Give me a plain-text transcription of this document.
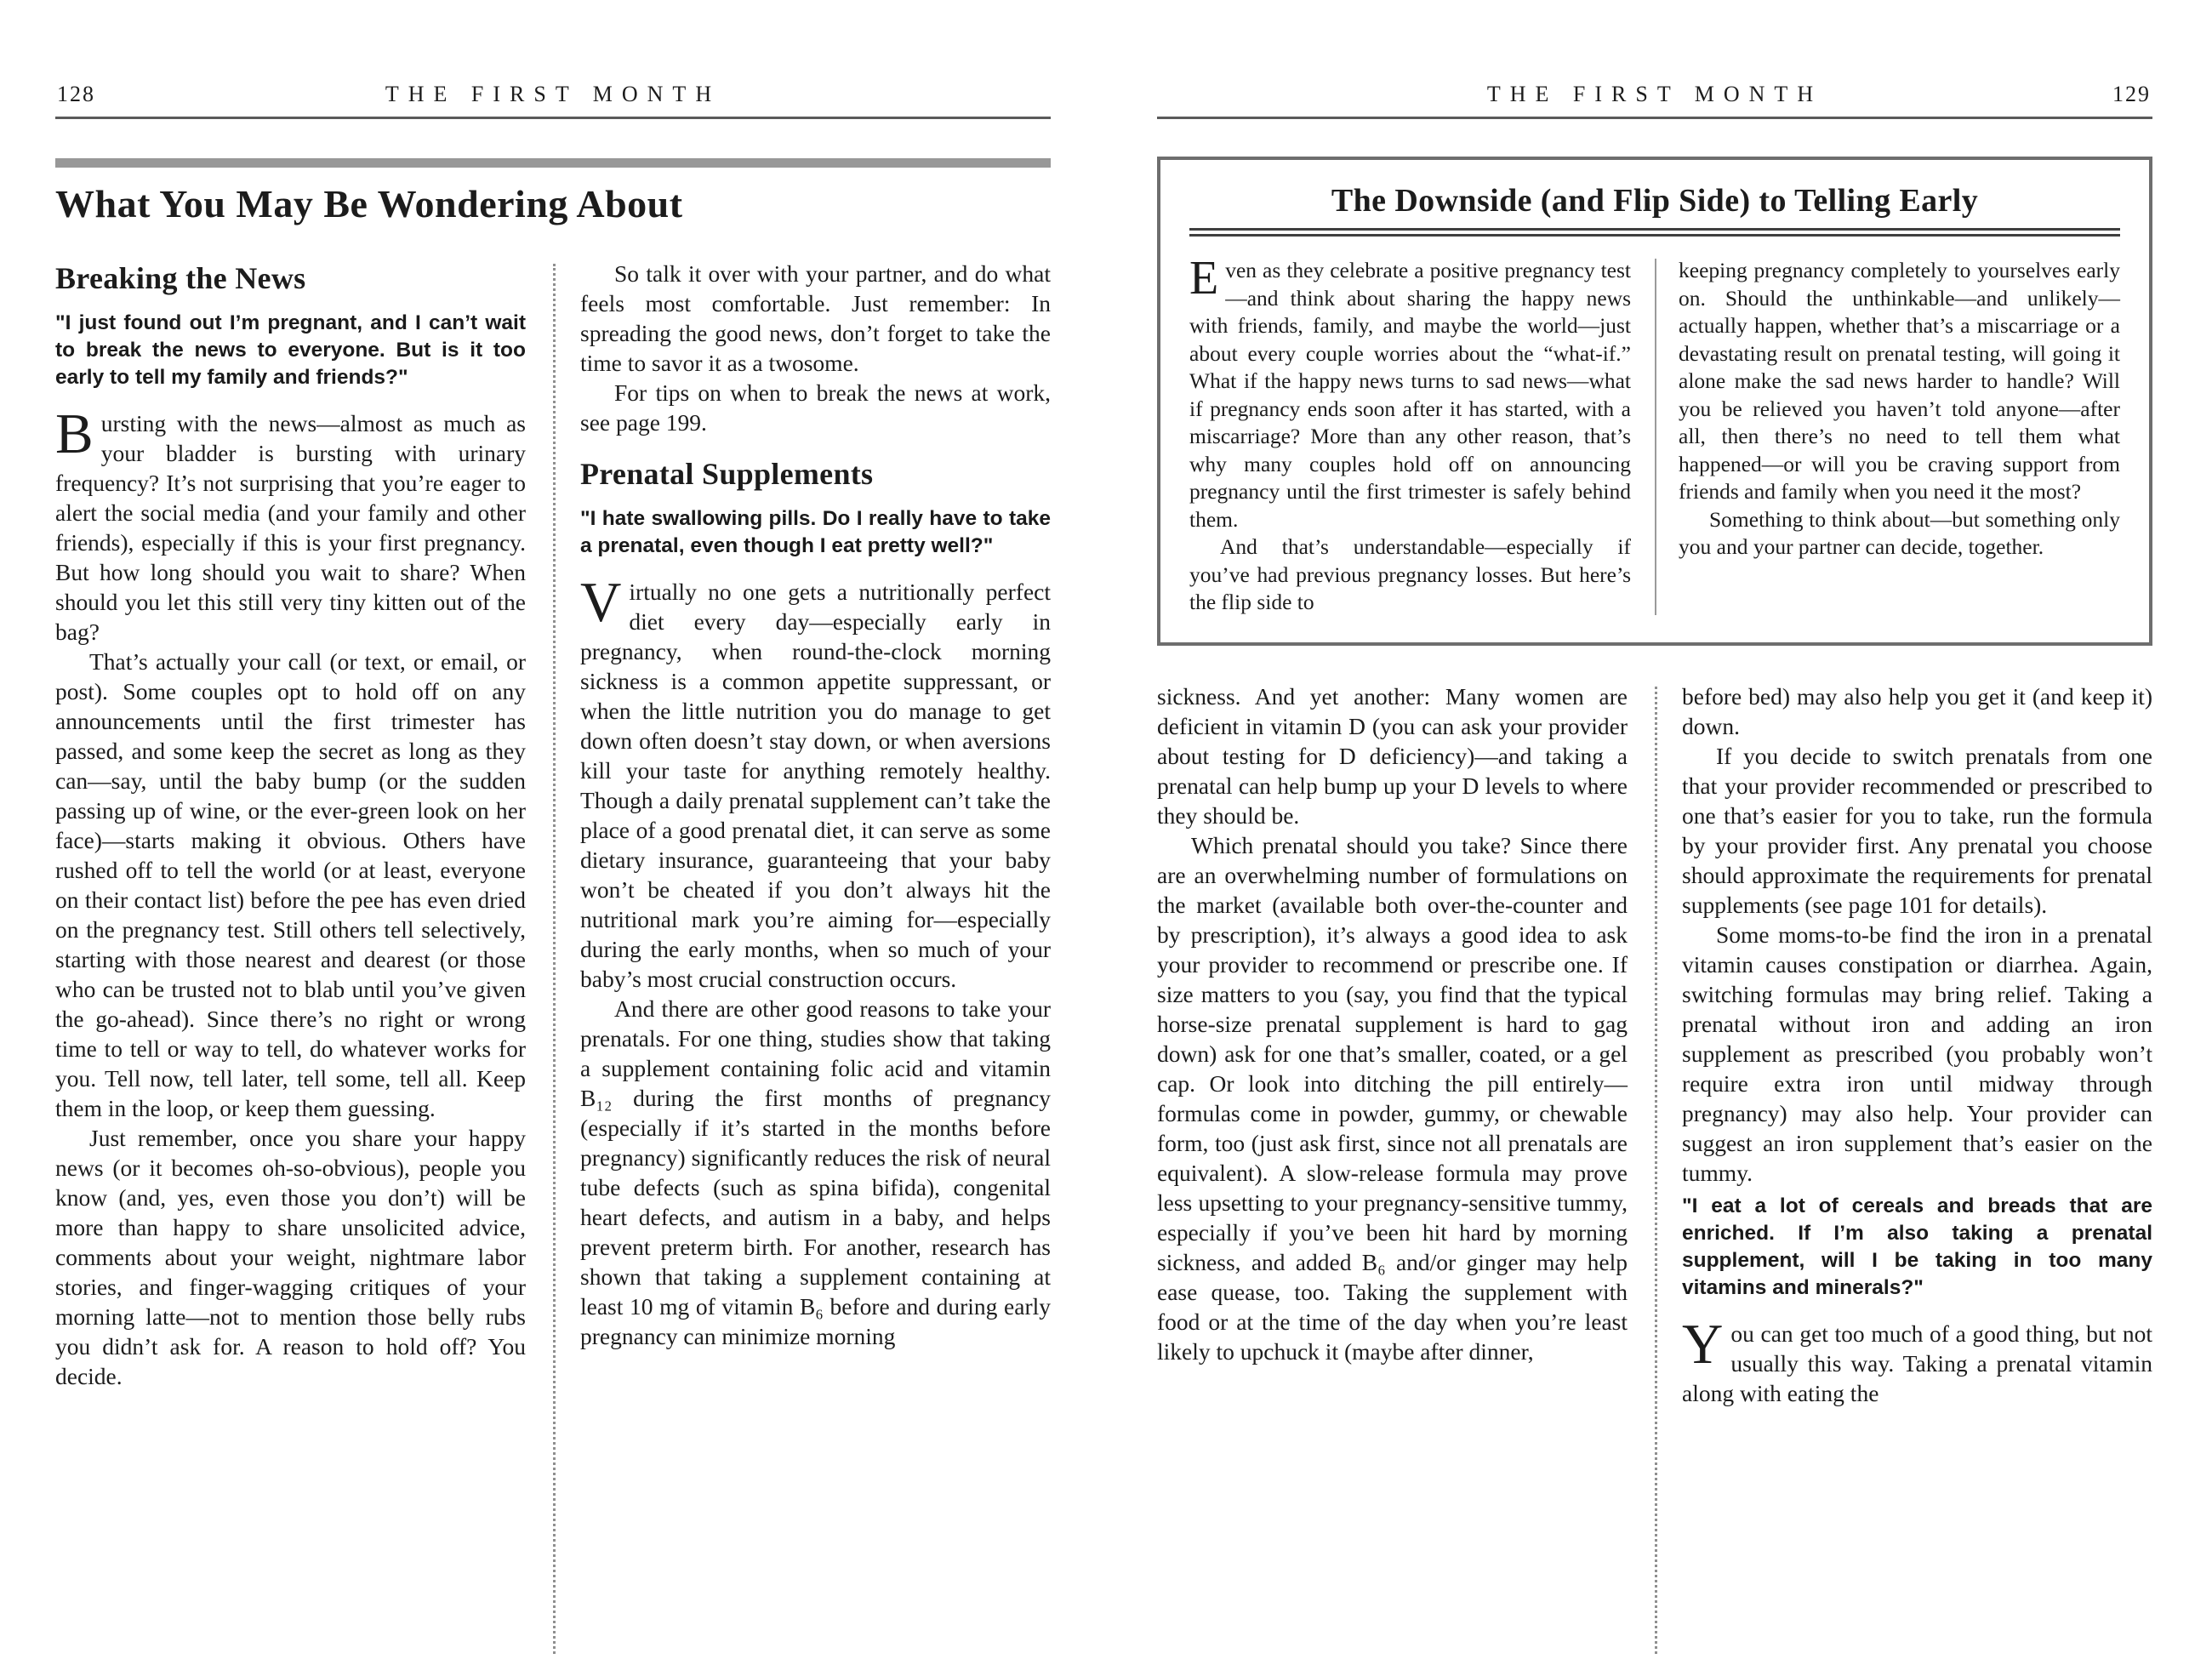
128	THE FIRST MONTH
What You May Be Wondering About
Breaking the News

"I just found out I’m pregnant, and I can’t wait to break the news to everyone. But is it too early to tell my family and friends?"

Bursting with the news—almost as much as your bladder is bursting with urinary frequency? It’s not surprising that you’re eager to alert the social media (and your family and other friends), especially if this is your first pregnancy. But how long should you wait to share? When should you let this still very tiny kitten out of the bag?

That’s actually your call (or text, or email, or post). Some couples opt to hold off on any announcements until the first trimester has passed, and some keep the secret as long as they can—say, until the baby bump (or the sudden passing up of wine, or the ever-green look on her face)—starts making it obvious. Others have rushed off to tell the world (or at least, everyone on their contact list) before the pee has even dried on the pregnancy test. Still others tell selectively, starting with those nearest and dearest (or those who can be trusted not to blab until you’ve given the go-ahead). Since there’s no right or wrong time to tell or way to tell, do whatever works for you. Tell now, tell later, tell some, tell all. Keep them in the loop, or keep them guessing.

Just remember, once you share your happy news (or it becomes oh-so-obvious), people you know (and, yes, even those you don’t) will be more than happy to share unsolicited advice, comments about your weight, nightmare labor stories, and finger-wagging critiques of your morning latte—not to mention those belly rubs you didn’t ask for. A reason to hold off? You decide.

So talk it over with your partner, and do what feels most comfortable. Just remember: In spreading the good news, don’t forget to take the time to savor it as a twosome.

For tips on when to break the news at work, see page 199.

Prenatal Supplements

"I hate swallowing pills. Do I really have to take a prenatal, even though I eat pretty well?"

Virtually no one gets a nutritionally perfect diet every day—especially early in pregnancy, when round-the-clock morning sickness is a common appetite suppressant, or when the little nutrition you do manage to get down often doesn’t stay down, or when aversions kill your taste for anything remotely healthy. Though a daily prenatal supplement can’t take the place of a good prenatal diet, it can serve as some dietary insurance, guaranteeing that your baby won’t be cheated if you don’t always hit the nutritional mark you’re aiming for—especially during the early months, when so much of your baby’s most crucial construction occurs.

And there are other good reasons to take your prenatals. For one thing, studies show that taking a supplement containing folic acid and vitamin B₁₂ during the first months of pregnancy (especially if it’s started in the months before pregnancy) significantly reduces the risk of neural tube defects (such as spina bifida), congenital heart defects, and autism in a baby, and helps prevent preterm birth. For another, research has shown that taking a supplement containing at least 10 mg of vitamin B₆ before and during early pregnancy can minimize morning

THE FIRST MONTH	129
The Downside (and Flip Side) to Telling Early

Even as they celebrate a positive pregnancy test—and think about sharing the happy news with friends, family, and maybe the world—just about every couple worries about the “what-if.” What if the happy news turns to sad news—what if pregnancy ends soon after it has started, with a miscarriage? More than any other reason, that’s why many couples hold off on announcing pregnancy until the first trimester is safely behind them.

And that’s understandable—especially if you’ve had previous pregnancy losses. But here’s the flip side to

keeping pregnancy completely to yourselves early on. Should the unthinkable—and unlikely—actually happen, whether that’s a miscarriage or a devastating result on prenatal testing, will going it alone make the sad news harder to handle? Will you be relieved you haven’t told anyone—after all, then there’s no need to tell them what happened—or will you be craving support from friends and family when you need it the most?

Something to think about—but something only you and your partner can decide, together.

sickness. And yet another: Many women are deficient in vitamin D (you can ask your provider about testing for D deficiency)—and taking a prenatal can help bump up your D levels to where they should be.

Which prenatal should you take? Since there are an overwhelming number of formulations on the market (available both over-the-counter and by prescription), it’s always a good idea to ask your provider to recommend or prescribe one. If size matters to you (say, you find that the typical horse-size prenatal supplement is hard to gag down) ask for one that’s smaller, coated, or a gel cap. Or look into ditching the pill entirely—formulas come in powder, gummy, or chewable form, too (just ask first, since not all prenatals are equivalent). A slow-release formula may prove less upsetting to your pregnancy-sensitive tummy, especially if you’ve been hit hard by morning sickness, and added B₆ and/or ginger may help ease quease, too. Taking the supplement with food or at the time of the day when you’re least likely to upchuck it (maybe after dinner,

before bed) may also help you get it (and keep it) down.

If you decide to switch prenatals from one that your provider recommended or prescribed to one that’s easier for you to take, run the formula by your provider first. Any prenatal you choose should approximate the requirements for prenatal supplements (see page 101 for details).

Some moms-to-be find the iron in a prenatal vitamin causes constipation or diarrhea. Again, switching formulas may bring relief. Taking a prenatal without iron and adding an iron supplement as prescribed (you probably won’t require extra iron until midway through pregnancy) may also help. Your provider can suggest an iron supplement that’s easier on the tummy.

"I eat a lot of cereals and breads that are enriched. If I’m also taking a prenatal supplement, will I be taking in too many vitamins and minerals?"

You can get too much of a good thing, but not usually this way. Taking a prenatal vitamin along with eating the
